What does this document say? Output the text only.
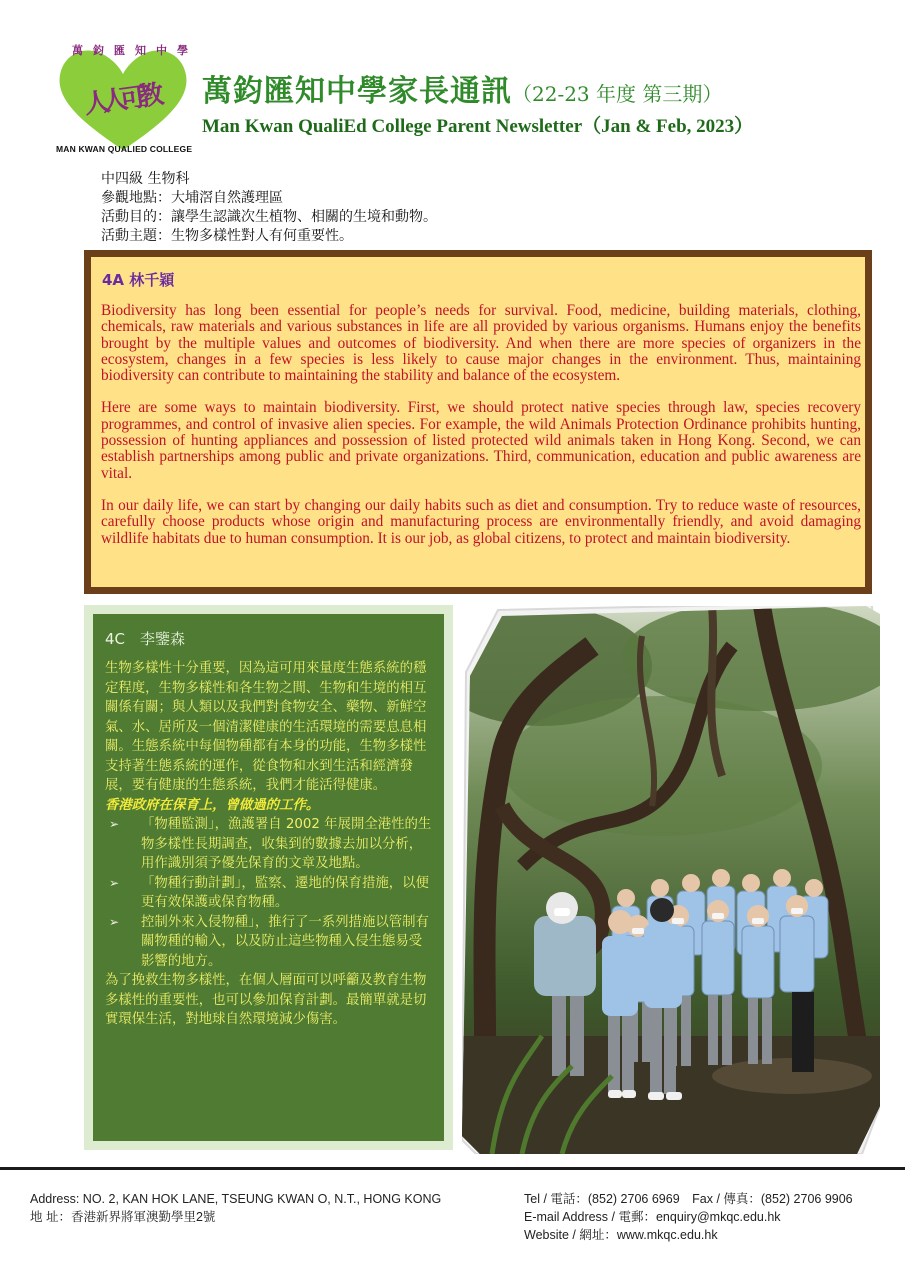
萬鈞匯知中學
人人可教
MAN KWAN QUALIED COLLEGE
萬鈞匯知中學家長通訊（22-23 年度 第三期）
Man Kwan QualiEd College Parent Newsletter（Jan & Feb, 2023）
中四級 生物科
參觀地點：大埔滘自然護理區
活動目的：讓學生認識次生植物、相關的生境和動物。
活動主題：生物多樣性對人有何重要性。
4A 林千穎

Biodiversity has long been essential for people’s needs for survival. Food, medicine, building materials, clothing, chemicals, raw materials and various substances in life are all provided by various organisms. Humans enjoy the benefits brought by the multiple values and outcomes of biodiversity. And when there are more species of organizers in the ecosystem, changes in a few species is less likely to cause major changes in the environment. Thus, maintaining biodiversity can contribute to maintaining the stability and balance of the ecosystem.

Here are some ways to maintain biodiversity. First, we should protect native species through law, species recovery programmes, and control of invasive alien species. For example, the wild Animals Protection Ordinance prohibits hunting, possession of hunting appliances and possession of listed protected wild animals taken in Hong Kong. Second, we can establish partnerships among public and private organizations. Third, communication, education and public awareness are vital.

In our daily life, we can start by changing our daily habits such as diet and consumption. Try to reduce waste of resources, carefully choose products whose origin and manufacturing process are environmentally friendly, and avoid damaging wildlife habitats due to human consumption. It is our job, as global citizens, to protect and maintain biodiversity.

4C　李鑒森

生物多樣性十分重要，因為這可用來量度生態系統的穩定程度，生物多樣性和各生物之間、生物和生境的相互關係有關；與人類以及我們對食物安全、藥物、新鮮空氣、水、居所及一個清潔健康的生活環境的需要息息相關。生態系統中每個物種都有本身的功能，生物多樣性支持著生態系統的運作，從食物和水到生活和經濟發展，要有健康的生態系統，我們才能活得健康。

香港政府在保育上，曾做過的工作。

➢ 「物種監測」，漁護署自 2002 年展開全港性的生物多樣性長期調查，收集到的數據去加以分析，用作識別須予優先保育的文章及地點。
➢ 「物種行動計劃」，監察、遷地的保育措施，以便更有效保護或保育物種。
➢ 控制外來入侵物種」，推行了一系列措施以管制有關物種的輸入，以及防止這些物種入侵生態易受影響的地方。

為了挽救生物多樣性，在個人層面可以呼籲及教育生物多樣性的重要性，也可以參加保育計劃。最簡單就是切實環保生活，對地球自然環境減少傷害。

Address: NO. 2, KAN HOK LANE, TSEUNG KWAN O, N.T., HONG KONG
地 址：香港新界將軍澳勤學里2號
Tel / 電話：(852) 2706 6969　Fax / 傳真：(852) 2706 9906
E-mail Address / 電郵：enquiry@mkqc.edu.hk
Website / 網址：www.mkqc.edu.hk
